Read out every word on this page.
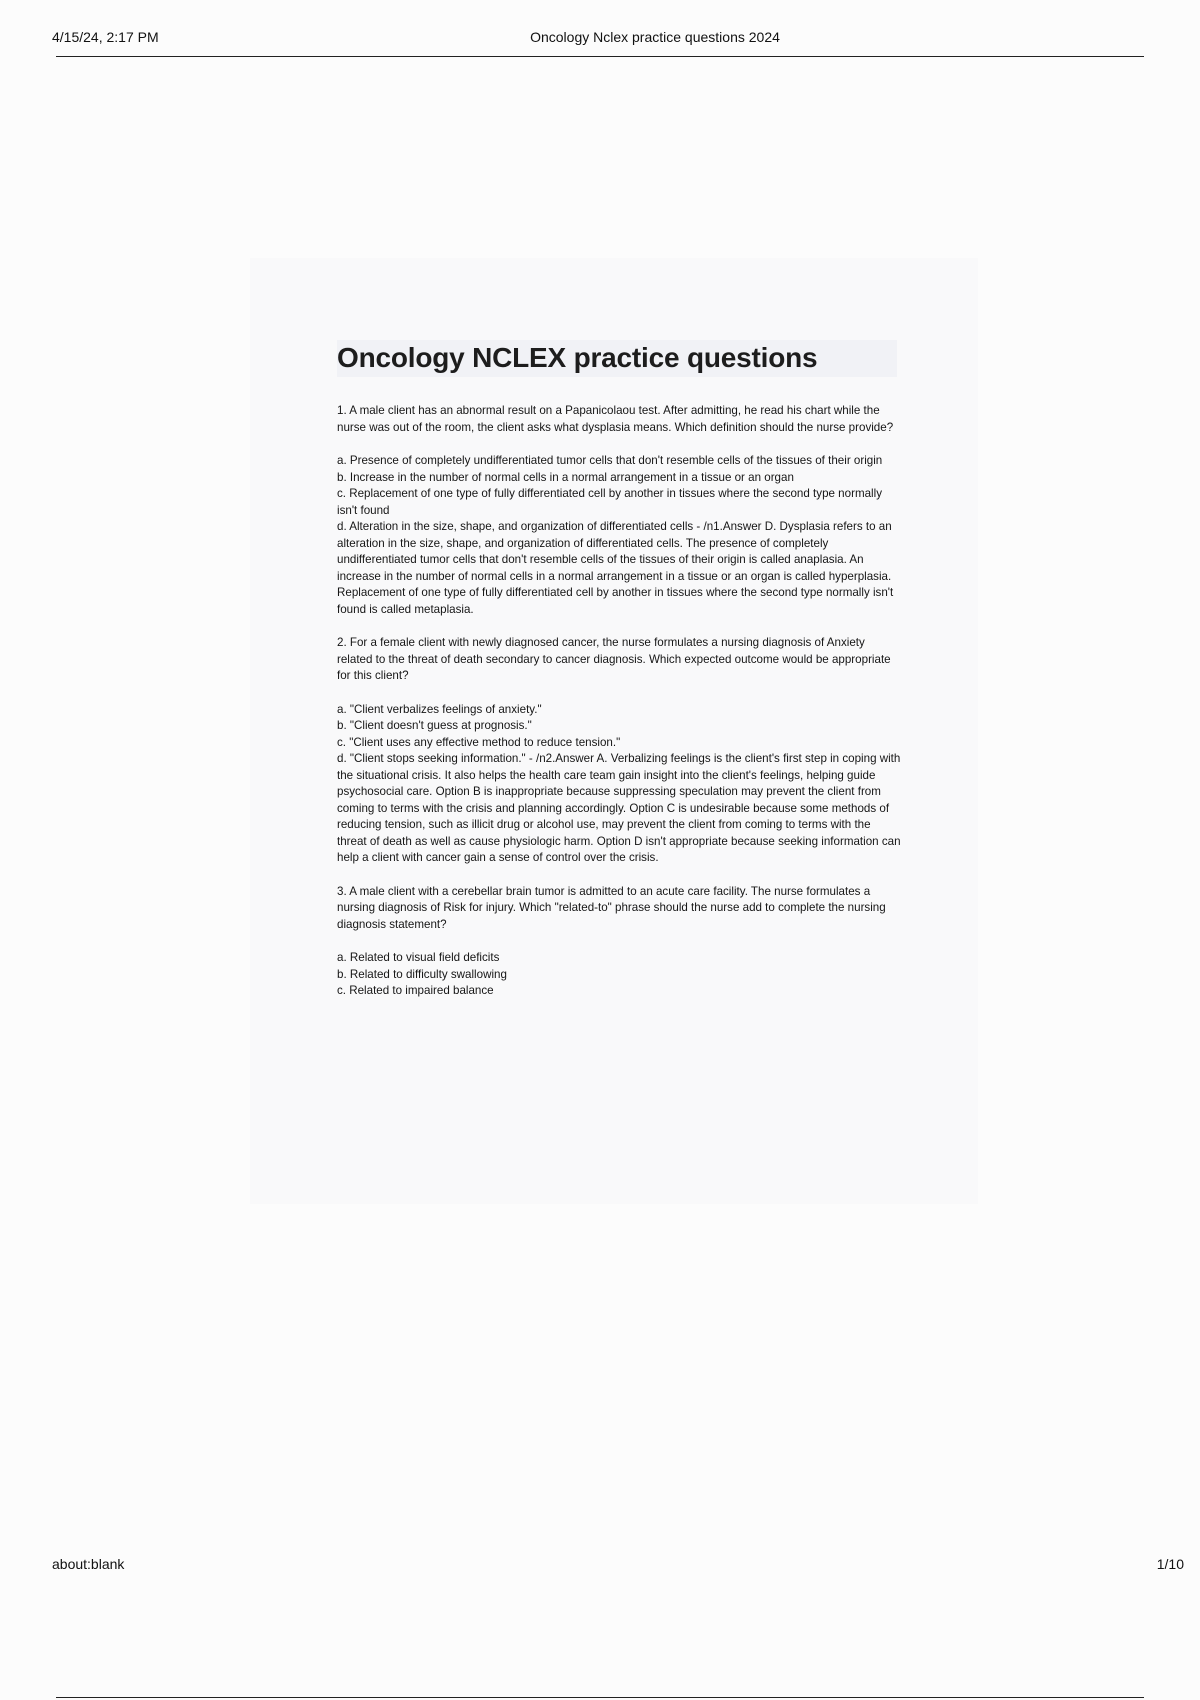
4/15/24, 2:17 PM	Oncology Nclex practice questions 2024
Oncology NCLEX practice questions

1. A male client has an abnormal result on a Papanicolaou test. After admitting, he read his chart while the nurse was out of the room, the client asks what dysplasia means. Which definition should the nurse provide?

a. Presence of completely undifferentiated tumor cells that don't resemble cells of the tissues of their origin

b. Increase in the number of normal cells in a normal arrangement in a tissue or an organ

c. Replacement of one type of fully differentiated cell by another in tissues where the second type normally isn't found

d. Alteration in the size, shape, and organization of differentiated cells - /n1.Answer D. Dysplasia refers to an alteration in the size, shape, and organization of differentiated cells. The presence of completely undifferentiated tumor cells that don't resemble cells of the tissues of their origin is called anaplasia. An increase in the number of normal cells in a normal arrangement in a tissue or an organ is called hyperplasia. Replacement of one type of fully differentiated cell by another in tissues where the second type normally isn't found is called metaplasia.

2. For a female client with newly diagnosed cancer, the nurse formulates a nursing diagnosis of Anxiety related to the threat of death secondary to cancer diagnosis. Which expected outcome would be appropriate for this client?

a. "Client verbalizes feelings of anxiety."

b. "Client doesn't guess at prognosis."

c. "Client uses any effective method to reduce tension."

d. "Client stops seeking information." - /n2.Answer A. Verbalizing feelings is the client's first step in coping with the situational crisis. It also helps the health care team gain insight into the client's feelings, helping guide psychosocial care. Option B is inappropriate because suppressing speculation may prevent the client from coming to terms with the crisis and planning accordingly. Option C is undesirable because some methods of reducing tension, such as illicit drug or alcohol use, may prevent the client from coming to terms with the threat of death as well as cause physiologic harm. Option D isn't appropriate because seeking information can help a client with cancer gain a sense of control over the crisis.

3. A male client with a cerebellar brain tumor is admitted to an acute care facility. The nurse formulates a nursing diagnosis of Risk for injury. Which "related-to" phrase should the nurse add to complete the nursing diagnosis statement?

a. Related to visual field deficits

b. Related to difficulty swallowing

c. Related to impaired balance

about:blank	1/10
